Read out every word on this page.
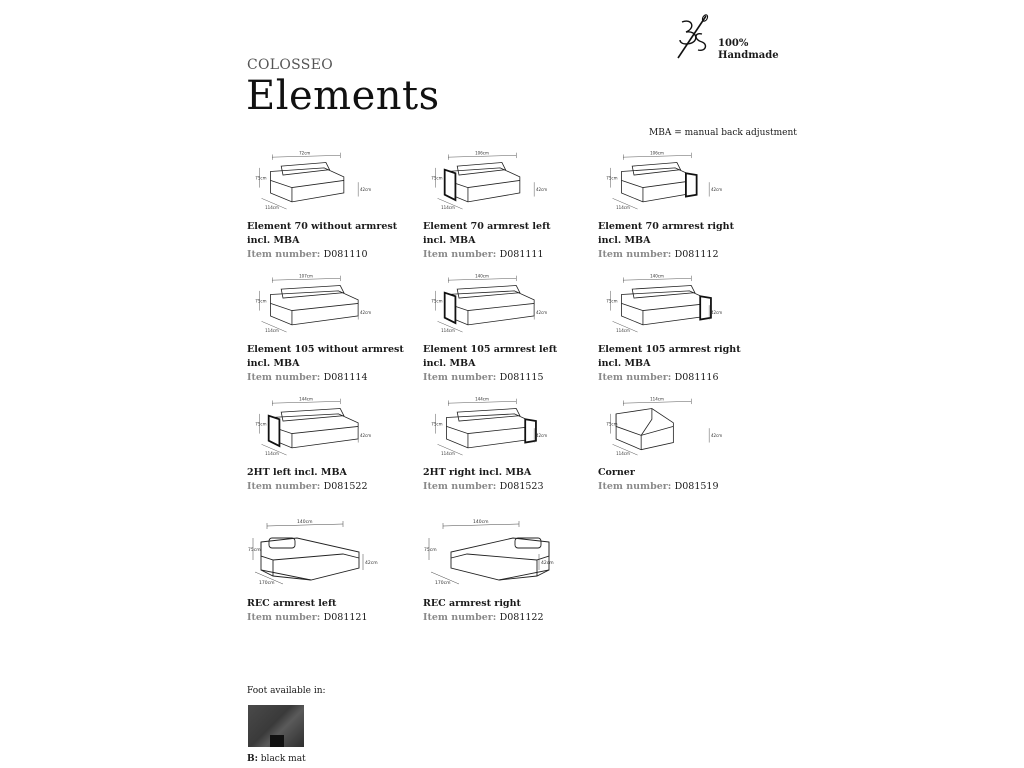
100%
Handmade
COLOSSEO
Elements
MBA = manual back adjustment
72cm
75cm
42cm
114cm
Element 70 without armrest
incl. MBA
Item number: D081110
106cm
75cm
42cm
114cm
Element 70 armrest left
incl. MBA
Item number: D081111
106cm
75cm
42cm
114cm
Element 70 armrest right
incl. MBA
Item number: D081112
107cm
75cm
42cm
114cm
Element 105 without armrest
incl. MBA
Item number: D081114
140cm
75cm
42cm
114cm
Element 105 armrest left
incl. MBA
Item number: D081115
140cm
75cm
42cm
114cm
Element 105 armrest right
incl. MBA
Item number: D081116
144cm
75cm
42cm
114cm
2HT left incl. MBA
Item number: D081522
144cm
75cm
42cm
114cm
2HT right incl. MBA
Item number: D081523
114cm
75cm
42cm
114cm
Corner
Item number: D081519
140cm
75cm
42cm
170cm
REC armrest left
Item number: D081121
140cm
75cm
42cm
170cm
REC armrest right
Item number: D081122
Foot available in:
B: black mat
